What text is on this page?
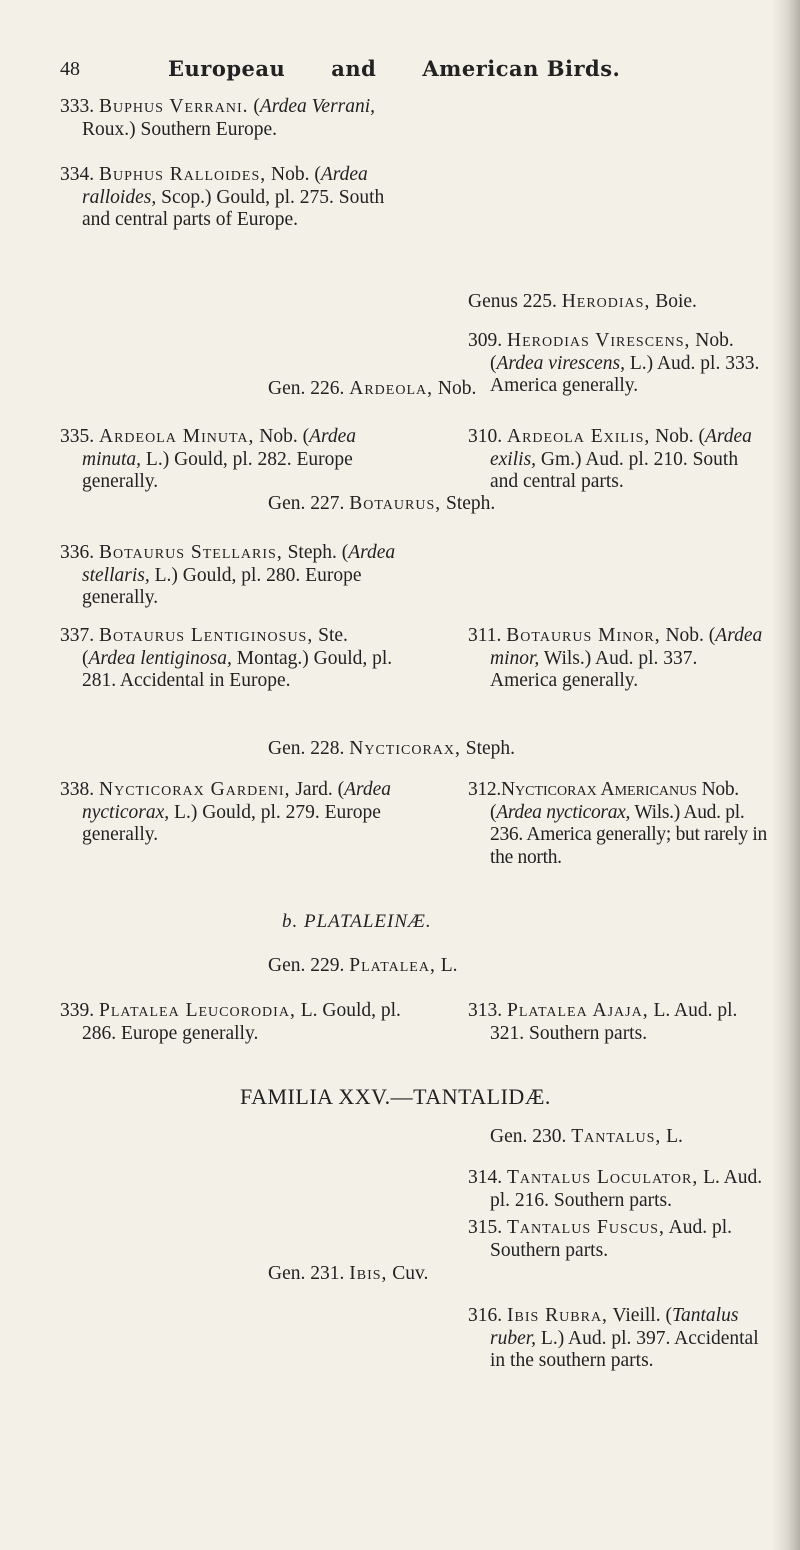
48	Europeau and American Birds.
333. Buphus Verrani. (Ardea Verrani, Roux.) Southern Europe.
334. Buphus Ralloides, Nob. (Ardea ralloides, Scop.) Gould, pl. 275. South and central parts of Europe.
335. Ardeola Minuta, Nob. (Ardea minuta, L.) Gould, pl. 282. Europe generally.
336. Botaurus Stellaris, Steph. (Ardea stellaris, L.) Gould, pl. 280. Europe generally.
337. Botaurus Lentiginosus, Ste. (Ardea lentiginosa, Montag.) Gould, pl. 281. Accidental in Europe.
338. Nycticorax Gardeni, Jard. (Ardea nycticorax, L.) Gould, pl. 279. Europe generally.
339. Platalea Leucorodia, L. Gould, pl. 286. Europe generally.
Genus 225. Herodias, Boie.
309. Herodias Virescens, Nob. (Ardea virescens, L.) Aud. pl. 333. America generally.
310. Ardeola Exilis, Nob. (Ardea exilis, Gm.) Aud. pl. 210. South and central parts.
311. Botaurus Minor, Nob. (Ardea minor, Wils.) Aud. pl. 337. America generally.
312.Nycticorax Americanus Nob. (Ardea nycticorax, Wils.) Aud. pl. 236. America generally; but rarely in the north.
313. Platalea Ajaja, L. Aud. pl. 321. Southern parts.
Gen. 230. Tantalus, L.
314. Tantalus Loculator, L. Aud. pl. 216. Southern parts.
315. Tantalus Fuscus, Aud. pl. Southern parts.
316. Ibis Rubra, Vieill. (Tantalus ruber, L.) Aud. pl. 397. Accidental in the southern parts.
Gen. 226. Ardeola, Nob.
Gen. 227. Botaurus, Steph.
Gen. 228. Nycticorax, Steph.
b. PLATALEINÆ.
Gen. 229. Platalea, L.
FAMILIA XXV.—TANTALIDÆ.
Gen. 231. Ibis, Cuv.
